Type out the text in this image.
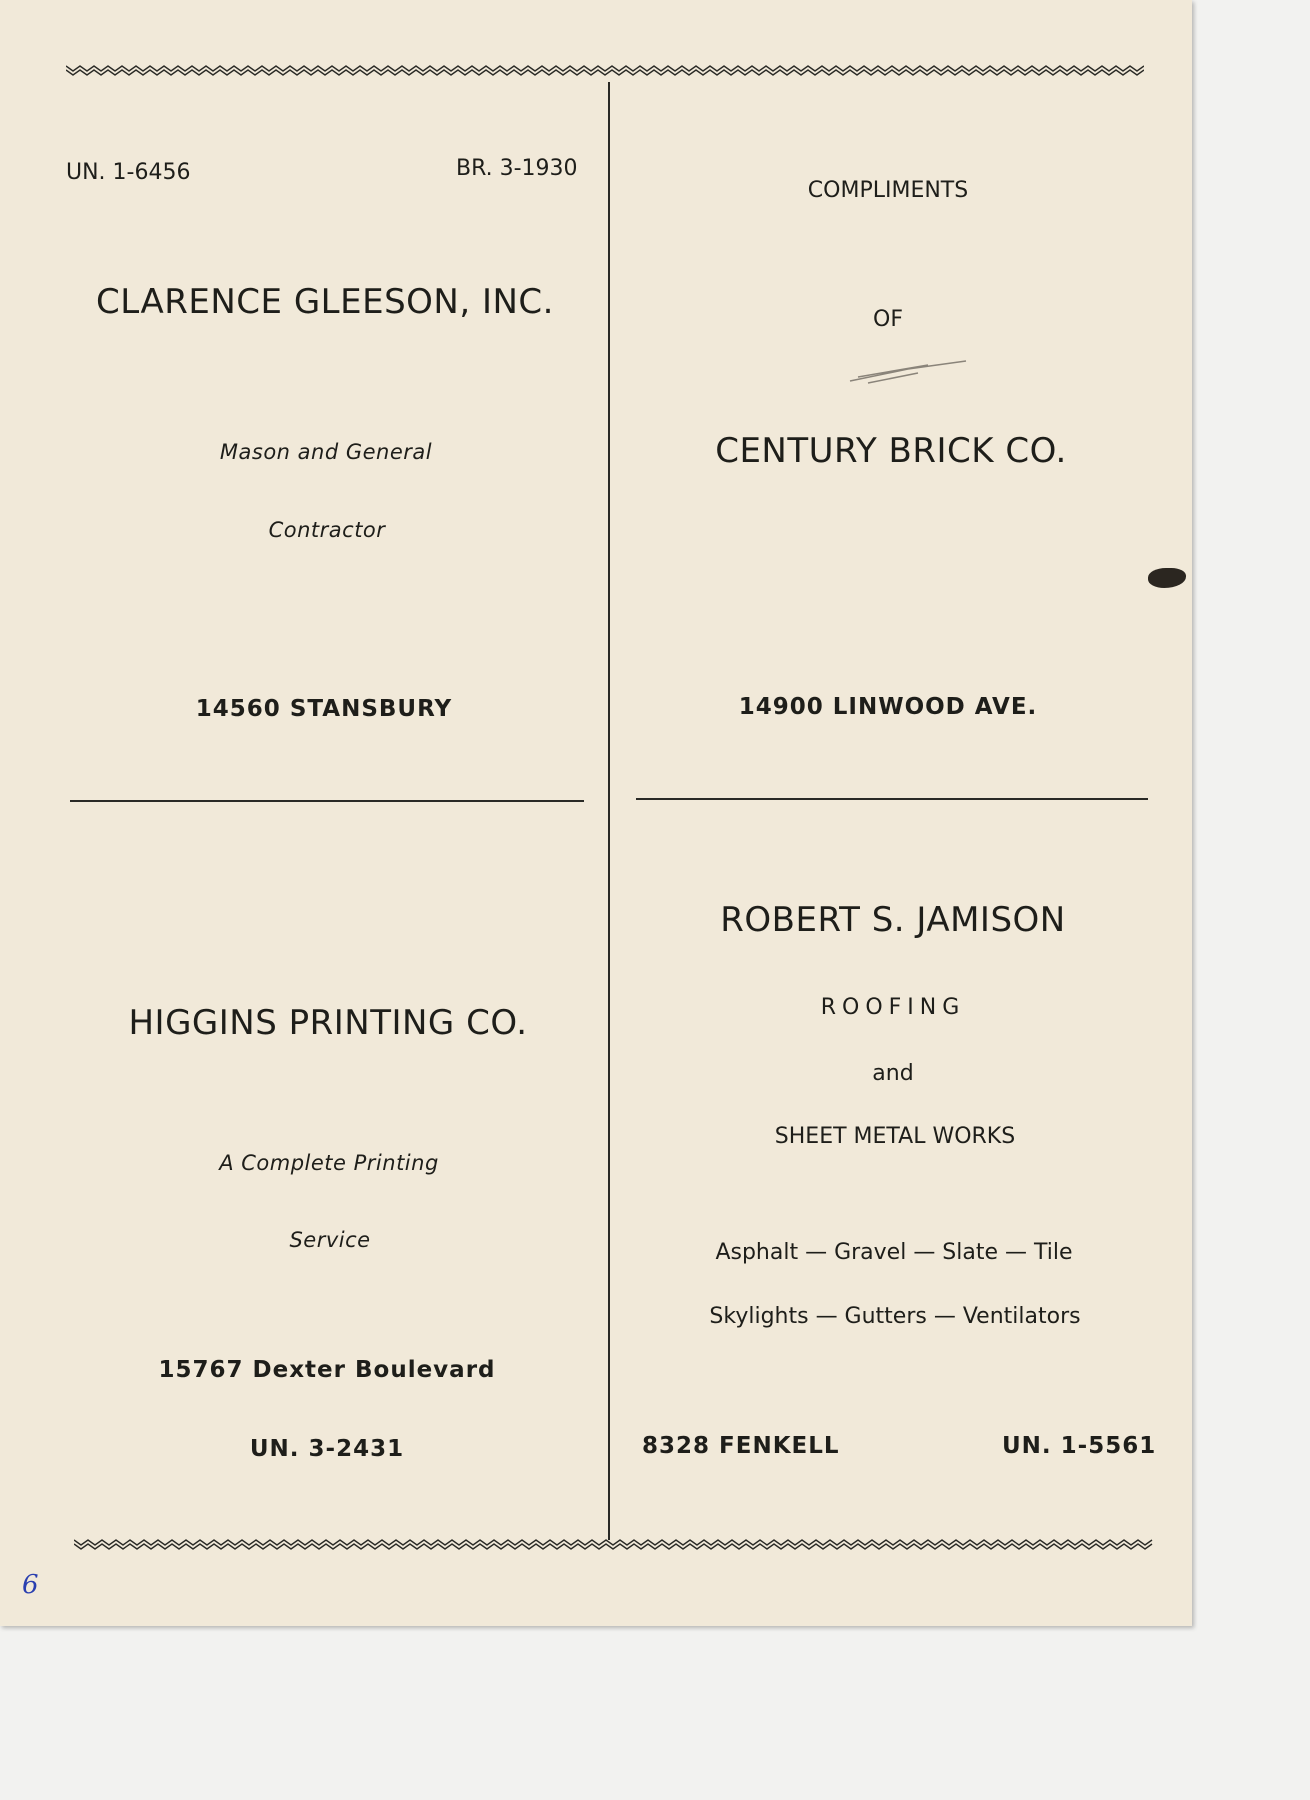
UN. 1-6456	BR. 3-1930
CLARENCE GLEESON, INC.
Mason and General
Contractor
14560 STANSBURY
COMPLIMENTS
OF
CENTURY BRICK CO.
14900 LINWOOD AVE.
HIGGINS PRINTING CO.
A Complete Printing
Service
15767 Dexter Boulevard
UN. 3-2431
ROBERT S. JAMISON
ROOFING
and
SHEET METAL WORKS
Asphalt — Gravel — Slate — Tile
Skylights — Gutters — Ventilators
8328 FENKELL	UN. 1-5561
6
